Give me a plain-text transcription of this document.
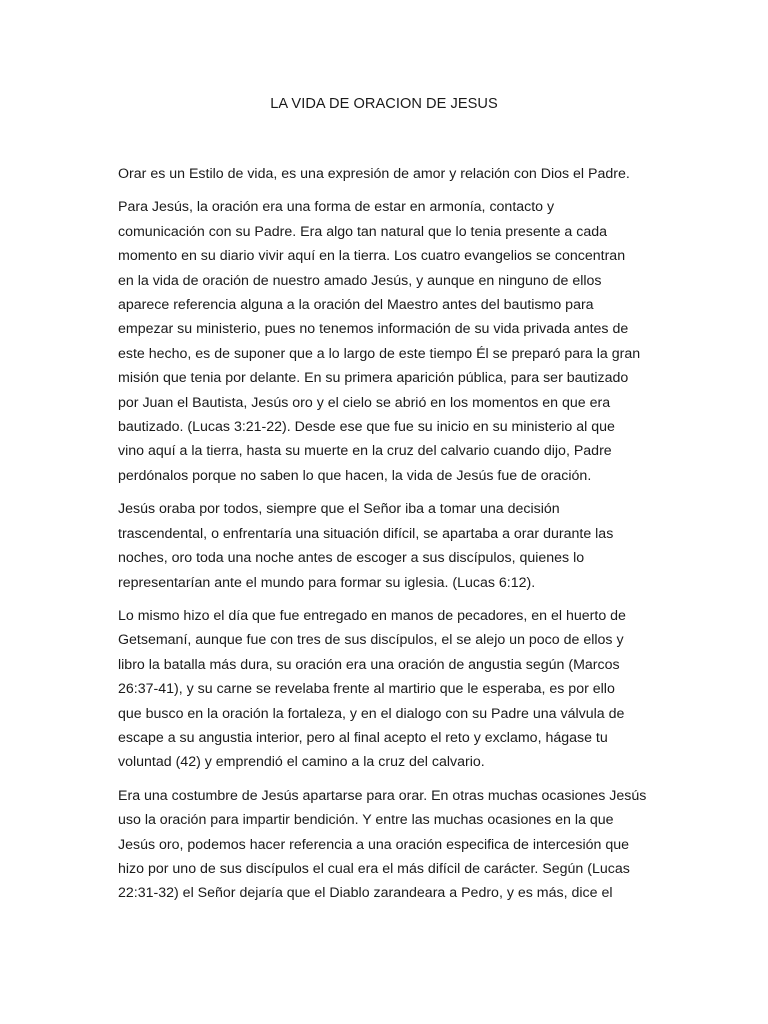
LA VIDA DE ORACION DE JESUS

Orar es un Estilo de vida, es una expresión de amor y relación con Dios el Padre.

Para Jesús, la oración era una forma de estar en armonía, contacto y
comunicación con su Padre. Era algo tan natural que lo tenia presente a cada
momento en su diario vivir aquí en la tierra. Los cuatro evangelios se concentran
en la vida de oración de nuestro amado Jesús, y aunque en ninguno de ellos
aparece referencia alguna a la oración del Maestro antes del bautismo para
empezar su ministerio, pues no tenemos información de su vida privada antes de
este hecho, es de suponer que a lo largo de este tiempo Él se preparó para la gran
misión que tenia por delante. En su primera aparición pública, para ser bautizado
por Juan el Bautista, Jesús oro y el cielo se abrió en los momentos en que era
bautizado. (Lucas 3:21-22). Desde ese que fue su inicio en su ministerio al que
vino aquí a la tierra, hasta su muerte en la cruz del calvario cuando dijo, Padre
perdónalos porque no saben lo que hacen, la vida de Jesús fue de oración.

Jesús oraba por todos, siempre que el Señor iba a tomar una decisión
trascendental, o enfrentaría una situación difícil, se apartaba a orar durante las
noches, oro toda una noche antes de escoger a sus discípulos, quienes lo
representarían ante el mundo para formar su iglesia. (Lucas 6:12).

Lo mismo hizo el día que fue entregado en manos de pecadores, en el huerto de
Getsemaní, aunque fue con tres de sus discípulos, el se alejo un poco de ellos y
libro la batalla más dura, su oración era una oración de angustia según (Marcos
26:37-41), y su carne se revelaba frente al martirio que le esperaba, es por ello
que busco en la oración la fortaleza, y en el dialogo con su Padre una válvula de
escape a su angustia interior, pero al final acepto el reto y exclamo, hágase tu
voluntad (42) y emprendió el camino a la cruz del calvario.

Era una costumbre de Jesús apartarse para orar. En otras muchas ocasiones Jesús
uso la oración para impartir bendición. Y entre las muchas ocasiones en la que
Jesús oro, podemos hacer referencia a una oración especifica de intercesión que
hizo por uno de sus discípulos el cual era el más difícil de carácter. Según (Lucas
22:31-32) el Señor dejaría que el Diablo zarandeara a Pedro, y es más, dice el
